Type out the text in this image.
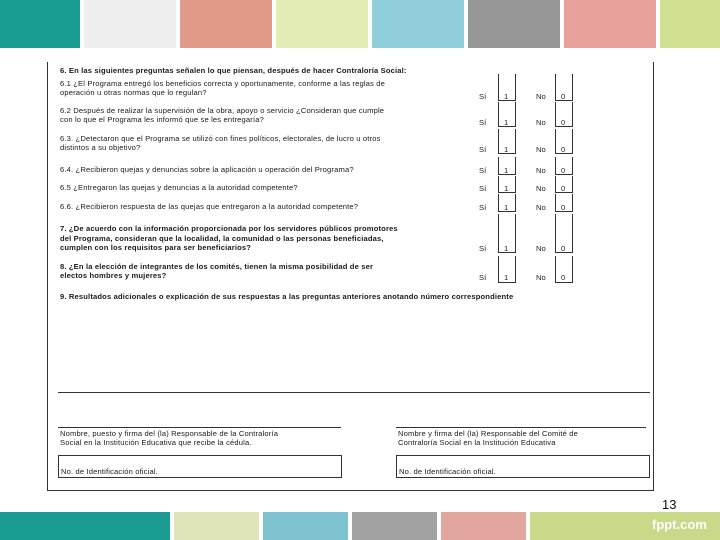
6. En las siguientes preguntas señalen lo que piensan, después de hacer Contraloría Social:
6.1 ¿El Programa entregó los beneficios correcta y oportunamente, conforme a las reglas de
operación u otras normas que lo regulan?	Sí 1	No 0
6.2 Después de realizar la supervisión de la obra, apoyo o servicio ¿Consideran que cumple
con lo que el Programa les informó que se les entregaría?	Sí 1	No 0
6.3. ¿Detectaron que el Programa se utilizó con fines políticos, electorales, de lucro u otros
distintos a su objetivo?	Sí 1	No 0
6.4. ¿Recibieron quejas y denuncias sobre la aplicación u operación del Programa?	Sí 1	No 0
6.5 ¿Entregaron las quejas y denuncias a la autoridad competente?	Sí 1	No 0
6.6. ¿Recibieron respuesta de las quejas que entregaron a la autoridad competente?	Sí 1	No 0
7. ¿De acuerdo con la información proporcionada por los servidores públicos promotores
del Programa, consideran que la localidad, la comunidad o las personas beneficiadas,
cumplen con los requisitos para ser beneficiarios?	Sí 1	No 0
8. ¿En la elección de integrantes de los comités, tienen la misma posibilidad de ser
electos hombres y mujeres?	Sí 1	No 0
9. Resultados adicionales o explicación de sus respuestas a las preguntas anteriores anotando número correspondiente
Nombre, puesto y firma del (la) Responsable de la Contraloría
Social en la Institución Educativa que recibe la cédula.
Nombre y firma del (la) Responsable del Comité de
Contraloría Social en la Institución Educativa
No. de Identificación oficial.	No. de Identificación oficial.
13
fppt.com
